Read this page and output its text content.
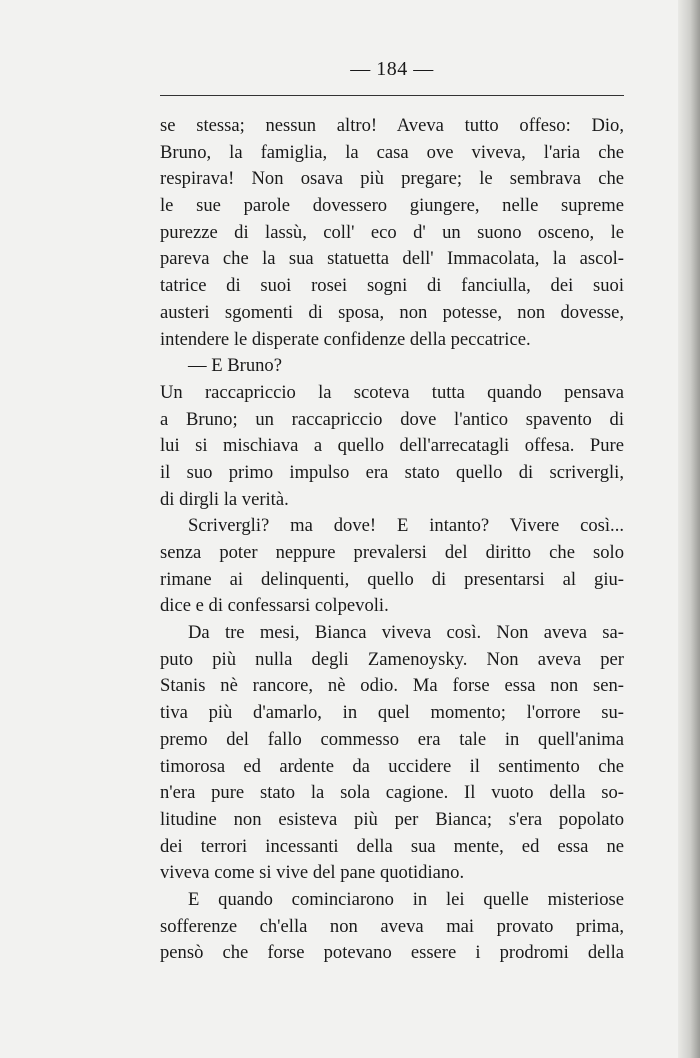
— 184 —
se stessa; nessun altro! Aveva tutto offeso: Dio,
Bruno, la famiglia, la casa ove viveva, l'aria che
respirava! Non osava più pregare; le sembrava che
le sue parole dovessero giungere, nelle supreme
purezze di lassù, coll' eco d' un suono osceno, le
pareva che la sua statuetta dell' Immacolata, la ascol-
tatrice di suoi rosei sogni di fanciulla, dei suoi
austeri sgomenti di sposa, non potesse, non dovesse,
intendere le disperate confidenze della peccatrice.
— E Bruno?
Un raccapriccio la scoteva tutta quando pensava
a Bruno; un raccapriccio dove l'antico spavento di
lui si mischiava a quello dell'arrecatagli offesa. Pure
il suo primo impulso era stato quello di scrivergli,
di dirgli la verità.
Scrivergli? ma dove! E intanto? Vivere così...
senza poter neppure prevalersi del diritto che solo
rimane ai delinquenti, quello di presentarsi al giu-
dice e di confessarsi colpevoli.
Da tre mesi, Bianca viveva così. Non aveva sa-
puto più nulla degli Zamenoysky. Non aveva per
Stanis nè rancore, nè odio. Ma forse essa non sen-
tiva più d'amarlo, in quel momento; l'orrore su-
premo del fallo commesso era tale in quell'anima
timorosa ed ardente da uccidere il sentimento che
n'era pure stato la sola cagione. Il vuoto della so-
litudine non esisteva più per Bianca; s'era popolato
dei terrori incessanti della sua mente, ed essa ne
viveva come si vive del pane quotidiano.
E quando cominciarono in lei quelle misteriose
sofferenze ch'ella non aveva mai provato prima,
pensò che forse potevano essere i prodromi della
